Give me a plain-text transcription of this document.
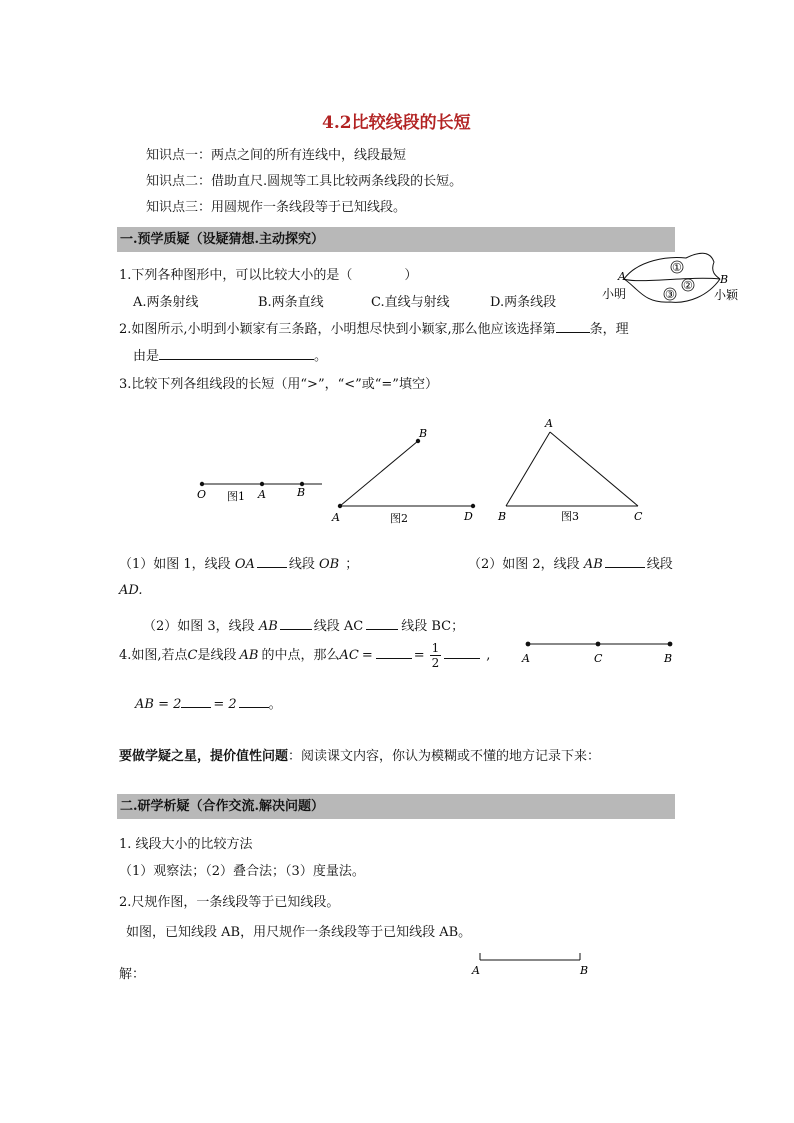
4.2比较线段的长短
知识点一：两点之间的所有连线中，线段最短
知识点二：借助直尺.圆规等工具比较两条线段的长短。
知识点三：用圆规作一条线段等于已知线段。
一.预学质疑（设疑猜想.主动探究）
1.下列各种图形中，可以比较大小的是（	）
A.两条射线	B.两条直线	C.直线与射线	D.两条线段
①
②
③
A	B
小明	小颖
2.如图所示,小明到小颖家有三条路，小明想尽快到小颖家,那么他应该选择第	条，理
由是	。
3.比较下列各组线段的长短（用“>”，“<”或“=”填空）
O	A	B
图1
A
B
D
图2
A
B	C
图3
（1）如图 1，线段 OA	线段 OB ；	（2）如图 2，线段 AB	线段
AD.
（2）如图 3，线段 AB	线段 AC	线段 BC；
4.如图,若点C是线段 AB 的中点，那么AC =	= $\frac{1}{2}$	,
AB = 2 = 2 。
A	C	B
要做学疑之星，提价值性问题：阅读课文内容，你认为模糊或不懂的地方记录下来：
二.研学析疑（合作交流.解决问题）
1. 线段大小的比较方法
（1）观察法；（2）叠合法；（3）度量法。
2.尺规作图，一条线段等于已知线段。
如图，已知线段 AB，用尺规作一条线段等于已知线段 AB。
解：	A	B
